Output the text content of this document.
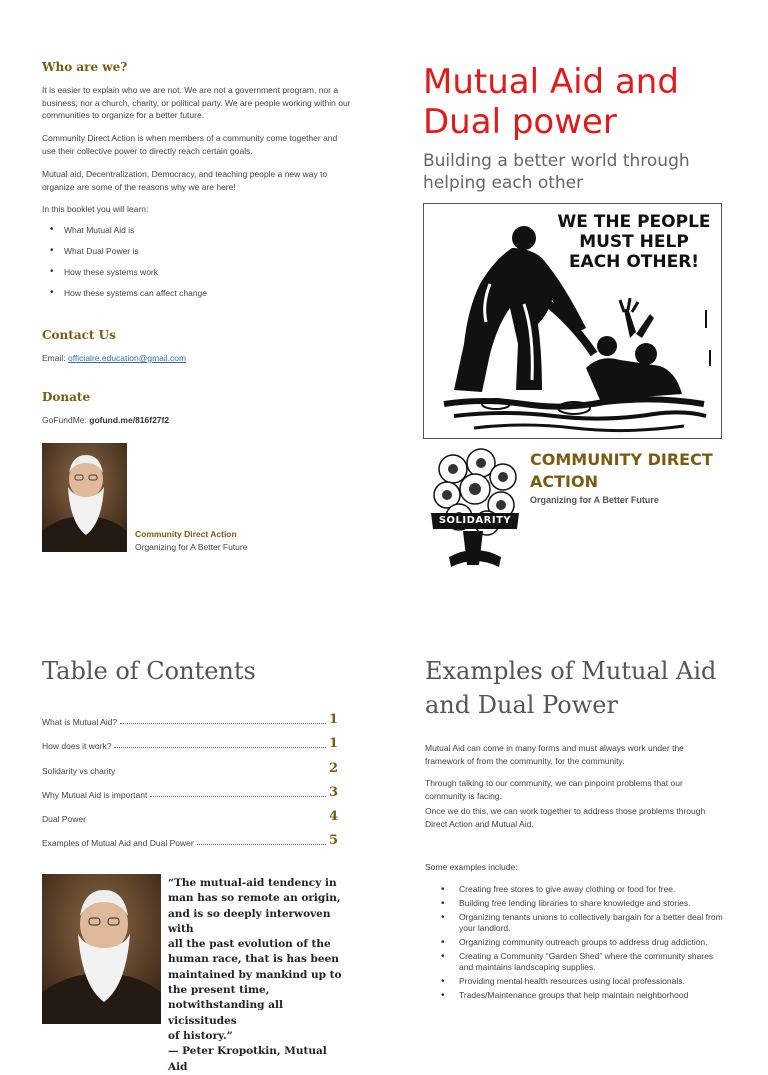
Who are we?
It is easier to explain who we are not. We are not a government program, nor a business, nor a church, charity, or political party. We are people working within our communities to organize for a better future.
Community Direct Action is when members of a community come together and use their collective power to directly reach certain goals.
Mutual aid, Decentralization, Democracy, and teaching people a new way to organize are some of the reasons why we are here!
In this booklet you will learn:
• What Mutual Aid is
• What Dual Power is
• How these systems work
• How these systems can affect change
Contact Us
Email: officialre.education@gmail.com
Donate
GoFundMe: gofund.me/816f27f2
Community Direct Action
Organizing for A Better Future
Mutual Aid and
Dual power
Building a better world through
helping each other
WE THE PEOPLE
MUST HELP
EACH OTHER!
SOLIDARITY
COMMUNITY DIRECT
ACTION
Organizing for A Better Future
Table of Contents
What is Mutual Aid?	1
How does it work?	1
Solidarity vs charity	2
Why Mutual Aid is important	3
Dual Power	4
Examples of Mutual Aid and Dual Power	5
“The mutual-aid tendency in
man has so remote an origin,
and is so deeply interwoven with
all the past evolution of the
human race, that is has been
maintained by mankind up to
the present time,
notwithstanding all vicissitudes
of history.”
— Peter Kropotkin, Mutual Aid
Examples of Mutual Aid
and Dual Power
Mutual Aid can come in many forms and must always work under the framework of from the community, for the community.
Through talking to our community, we can pinpoint problems that our community is facing.
Once we do this, we can work together to address those problems through Direct Action and Mutual Aid.
Some examples include:
• Creating free stores to give away clothing or food for free.
• Building free lending libraries to share knowledge and stories.
• Organizing tenants unions to collectively bargain for a better deal from your landlord.
• Organizing community outreach groups to address drug addiction.
• Creating a Community “Garden Shed” where the community shares and maintains landscaping supplies.
• Providing mental health resources using local professionals.
• Trades/Maintenance groups that help maintain neighborhood
